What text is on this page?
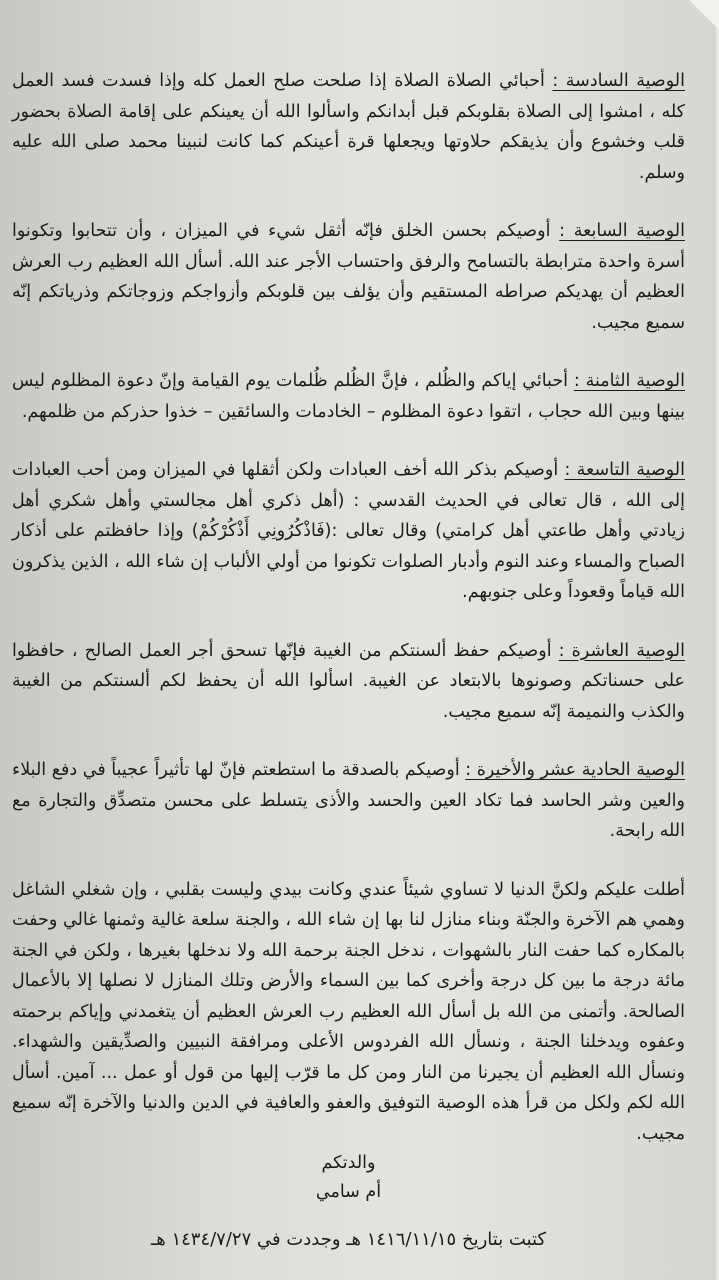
الوصية السادسة : أحبائي الصلاة الصلاة إذا صلحت صلح العمل كله وإذا فسدت فسد العمل كله ، امشوا إلى الصلاة بقلوبكم قبل أبدانكم واسألوا الله أن يعينكم على إقامة الصلاة بحضور قلب وخشوع وأن يذيقكم حلاوتها ويجعلها قرة أعينكم كما كانت لنبينا محمد صلى الله عليه وسلم.

الوصية السابعة : أوصيكم بحسن الخلق فإنّه أثقل شيء في الميزان ، وأن تتحابوا وتكونوا أسرة واحدة مترابطة بالتسامح والرفق واحتساب الأجر عند الله. أسأل الله العظيم رب العرش العظيم أن يهديكم صراطه المستقيم وأن يؤلف بين قلوبكم وأزواجكم وزوجاتكم وذرياتكم إنّه سميع مجيب.

الوصية الثامنة : أحبائي إياكم والظُلم ، فإنَّ الظُلم ظُلمات يوم القيامة وإنّ دعوة المظلوم ليس بينها وبين الله حجاب ، اتقوا دعوة المظلوم – الخادمات والسائقين – خذوا حذركم من ظلمهم.

الوصية التاسعة : أوصيكم بذكر الله أخف العبادات ولكن أثقلها في الميزان ومن أحب العبادات إلى الله ، قال تعالى في الحديث القدسي : (أهل ذكري أهل مجالستي وأهل شكري أهل زيادتي وأهل طاعتي أهل كرامتي) وقال تعالى :(فَاذْكُرُونِي أَذْكُرْكُمْ) وإذا حافظتم على أذكار الصباح والمساء وعند النوم وأدبار الصلوات تكونوا من أولي الألباب إن شاء الله ، الذين يذكرون الله قياماً وقعوداً وعلى جنوبهم.

الوصية العاشرة : أوصيكم حفظ ألسنتكم من الغيبة فإنّها تسحق أجر العمل الصالح ، حافظوا على حسناتكم وصونوها بالابتعاد عن الغيبة. اسألوا الله أن يحفظ لكم ألسنتكم من الغيبة والكذب والنميمة إنّه سميع مجيب.

الوصية الحادية عشر والأخيرة : أوصيكم بالصدقة ما استطعتم فإنّ لها تأثيراً عجيباً في دفع البلاء والعين وشر الحاسد فما تكاد العين والحسد والأذى يتسلط على محسن متصدِّق والتجارة مع الله رابحة.

أطلت عليكم ولكنَّ الدنيا لا تساوي شيئاً عندي وكانت بيدي وليست بقلبي ، وإن شغلي الشاغل وهمي هم الآخرة والجنّة وبناء منازل لنا بها إن شاء الله ، والجنة سلعة غالية وثمنها غالي وحفت بالمكاره كما حفت النار بالشهوات ، ندخل الجنة برحمة الله ولا ندخلها بغيرها ، ولكن في الجنة مائة درجة ما بين كل درجة وأخرى كما بين السماء والأرض وتلك المنازل لا نصلها إلا بالأعمال الصالحة. وأتمنى من الله بل أسأل الله العظيم رب العرش العظيم أن يتغمدني وإياكم برحمته وعفوه ويدخلنا الجنة ، ونسأل الله الفردوس الأعلى ومرافقة النبيين والصدِّيقين والشهداء. ونسأل الله العظيم أن يجيرنا من النار ومن كل ما قرّب إليها من قول أو عمل ... آمين. أسأل الله لكم ولكل من قرأ هذه الوصية التوفيق والعفو والعافية في الدين والدنيا والآخرة إنّه سميع مجيب.

والدتكم

أم سامي

كتبت بتاريخ ١٤١٦/١١/١٥ هـ وجددت في ١٤٣٤/٧/٢٧ هـ
